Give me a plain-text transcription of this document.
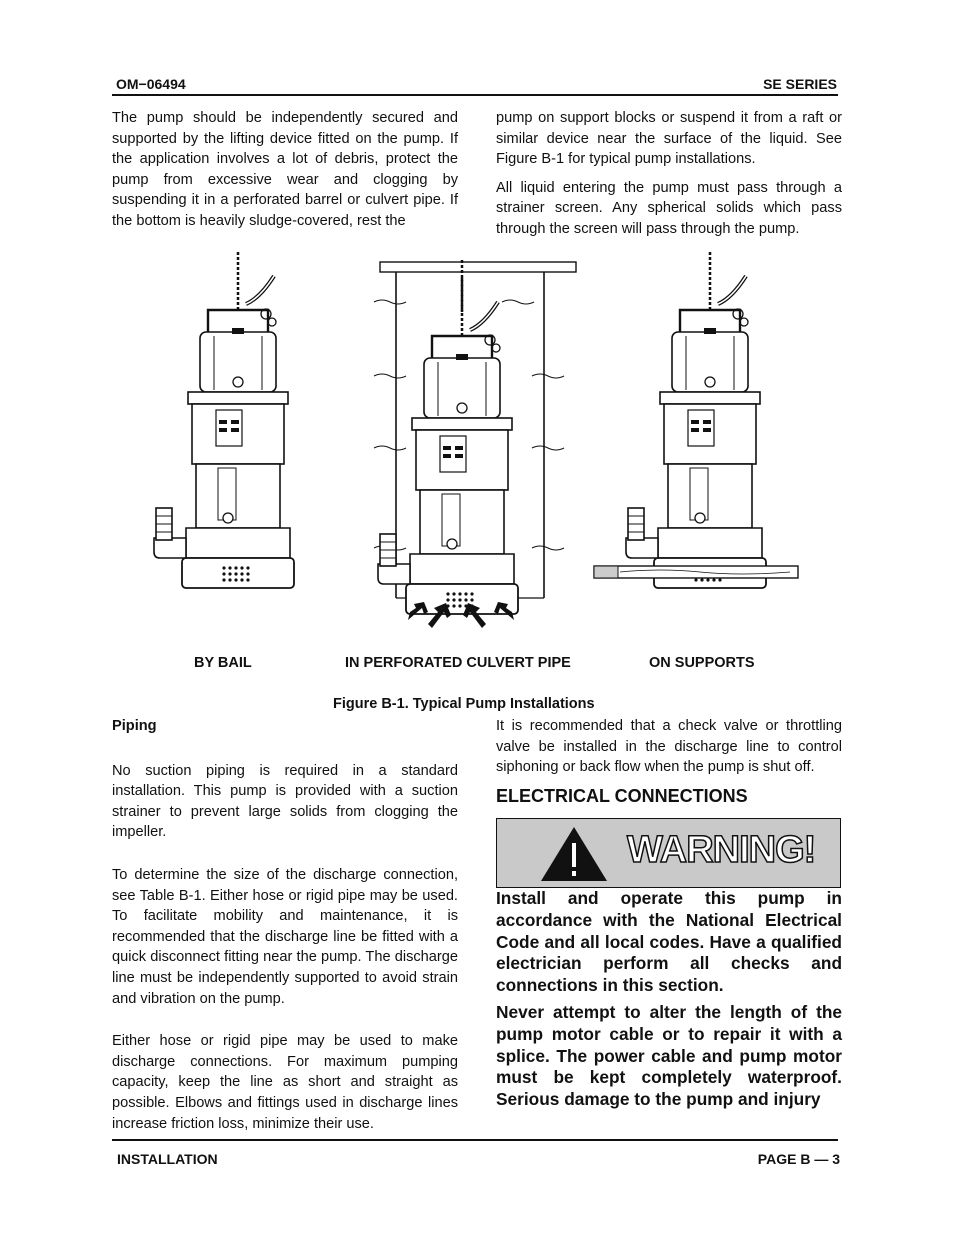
OM−06494	SE SERIES

The pump should be independently secured and supported by the lifting device fitted on the pump. If the application involves a lot of debris, protect the pump from excessive wear and clogging by suspending it in a perforated barrel or culvert pipe. If the bottom is heavily sludge-covered, rest the

pump on support blocks or suspend it from a raft or similar device near the surface of the liquid. See Figure B-1 for typical pump installations.

All liquid entering the pump must pass through a strainer screen. Any spherical solids which pass through the screen will pass through the pump.

BY BAIL	IN PERFORATED CULVERT PIPE	ON SUPPORTS
Figure B-1. Typical Pump Installations
Piping

No suction piping is required in a standard installation. This pump is provided with a suction strainer to prevent large solids from clogging the impeller.

To determine the size of the discharge connection, see Table B-1. Either hose or rigid pipe may be used. To facilitate mobility and maintenance, it is recommended that the discharge line be fitted with a quick disconnect fitting near the pump. The discharge line must be independently supported to avoid strain and vibration on the pump.

Either hose or rigid pipe may be used to make discharge connections. For maximum pumping capacity, keep the line as short and straight as possible. Elbows and fittings used in discharge lines increase friction loss, minimize their use.

It is recommended that a check valve or throttling valve be installed in the discharge line to control siphoning or back flow when the pump is shut off.

ELECTRICAL CONNECTIONS
WARNING!

Install and operate this pump in accordance with the National Electrical Code and all local codes. Have a qualified electrician perform all checks and connections in this section.

Never attempt to alter the length of the pump motor cable or to repair it with a splice. The power cable and pump motor must be kept completely waterproof. Serious damage to the pump and injury

INSTALLATION	PAGE B — 3
